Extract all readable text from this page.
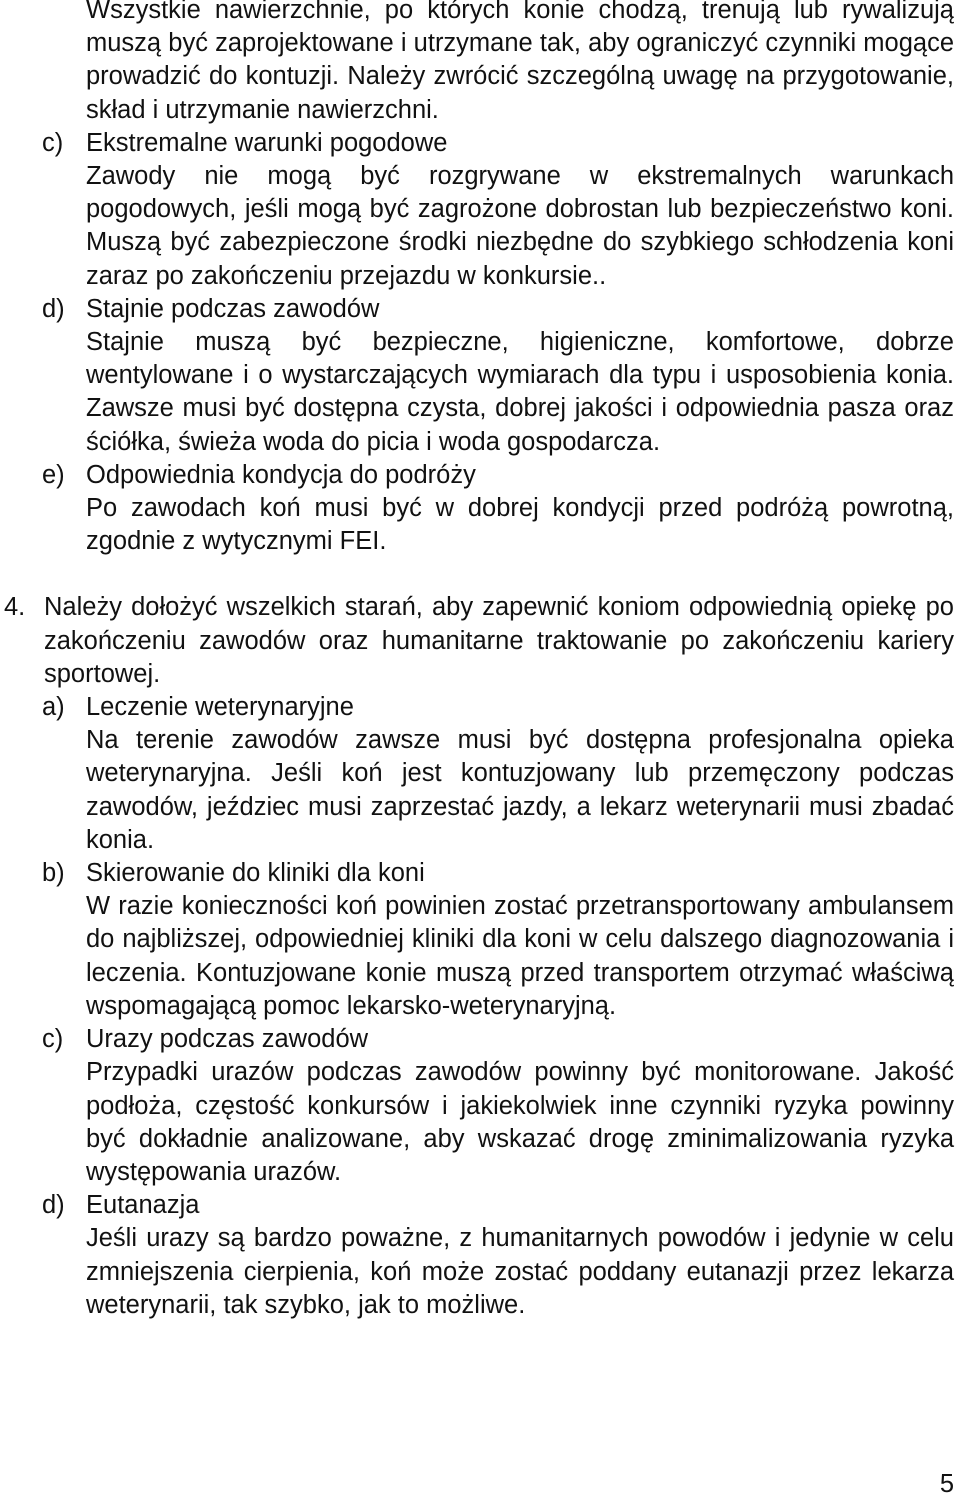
Wszystkie nawierzchnie, po których konie chodzą, trenują lub rywalizują muszą być zaprojektowane i utrzymane tak, aby ograniczyć czynniki mogące prowadzić do kontuzji. Należy zwrócić szczególną uwagę na przygotowanie, skład i utrzymanie nawierzchni.
c) Ekstremalne warunki pogodowe
Zawody nie mogą być rozgrywane w ekstremalnych warunkach pogodowych, jeśli mogą być zagrożone dobrostan lub bezpieczeństwo koni. Muszą być zabezpieczone środki niezbędne do szybkiego schłodzenia koni zaraz po zakończeniu przejazdu w konkursie..
d) Stajnie podczas zawodów
Stajnie muszą być bezpieczne, higieniczne, komfortowe, dobrze wentylowane i o wystarczających wymiarach dla typu i usposobienia konia. Zawsze musi być dostępna czysta, dobrej jakości i odpowiednia pasza oraz ściółka, świeża woda do picia i woda gospodarcza.
e) Odpowiednia kondycja do podróży
Po zawodach koń musi być w dobrej kondycji przed podróżą powrotną, zgodnie z wytycznymi FEI.
4. Należy dołożyć wszelkich starań, aby zapewnić koniom odpowiednią opiekę po zakończeniu zawodów oraz humanitarne traktowanie po zakończeniu kariery sportowej.
a) Leczenie weterynaryjne
Na terenie zawodów zawsze musi być dostępna profesjonalna opieka weterynaryjna. Jeśli koń jest kontuzjowany lub przemęczony podczas zawodów, jeździec musi zaprzestać jazdy, a lekarz weterynarii musi zbadać konia.
b) Skierowanie do kliniki dla koni
W razie konieczności koń powinien zostać przetransportowany ambulansem do najbliższej, odpowiedniej kliniki dla koni w celu dalszego diagnozowania i leczenia. Kontuzjowane konie muszą przed transportem otrzymać właściwą wspomagającą pomoc lekarsko-weterynaryjną.
c) Urazy podczas zawodów
Przypadki urazów podczas zawodów powinny być monitorowane. Jakość podłoża, częstość konkursów i jakiekolwiek inne czynniki ryzyka powinny być dokładnie analizowane, aby wskazać drogę zminimalizowania ryzyka występowania urazów.
d) Eutanazja
Jeśli urazy są bardzo poważne, z humanitarnych powodów i jedynie w celu zmniejszenia cierpienia, koń może zostać poddany eutanazji przez lekarza weterynarii, tak szybko, jak to możliwe.
5
